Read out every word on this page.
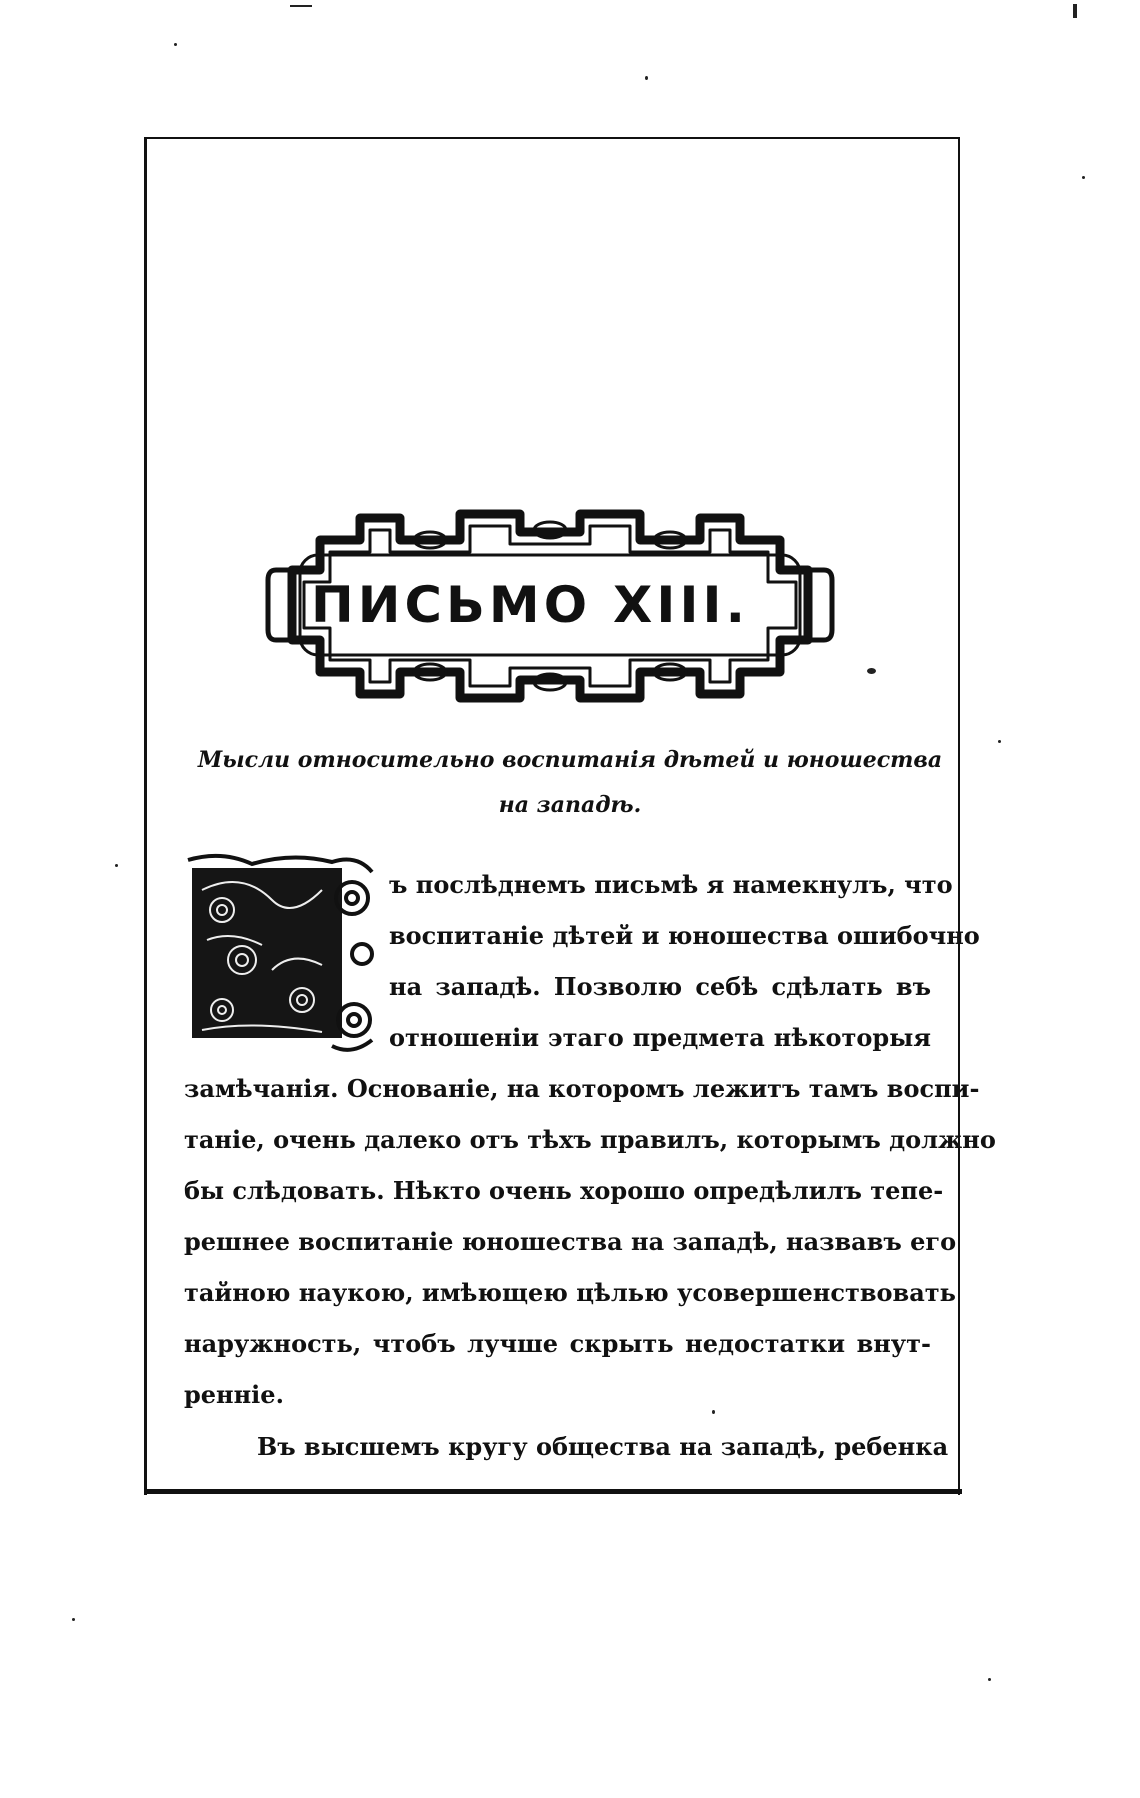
ПИСЬМО XIII.
Мысли относительно воспитанія дѣтей и юношества
на западѣ.
ъ послѣднемъ письмѣ я намекнулъ, что
воспитаніе дѣтей и юношества ошибочно
на западѣ. Позволю себѣ сдѣлать въ
отношеніи этаго предмета нѣкоторыя
замѣчанія. Основаніе, на которомъ лежитъ тамъ воспи-
таніе, очень далеко отъ тѣхъ правилъ, которымъ должно
бы слѣдовать. Нѣкто очень хорошо опредѣлилъ тепе-
решнее воспитаніе юношества на западѣ, назвавъ его
тайною наукою, имѣющею цѣлью усовершенствовать
наружность, чтобъ лучше скрыть недостатки внут-
реннiе.
Въ высшемъ кругу общества на западѣ, ребенка
